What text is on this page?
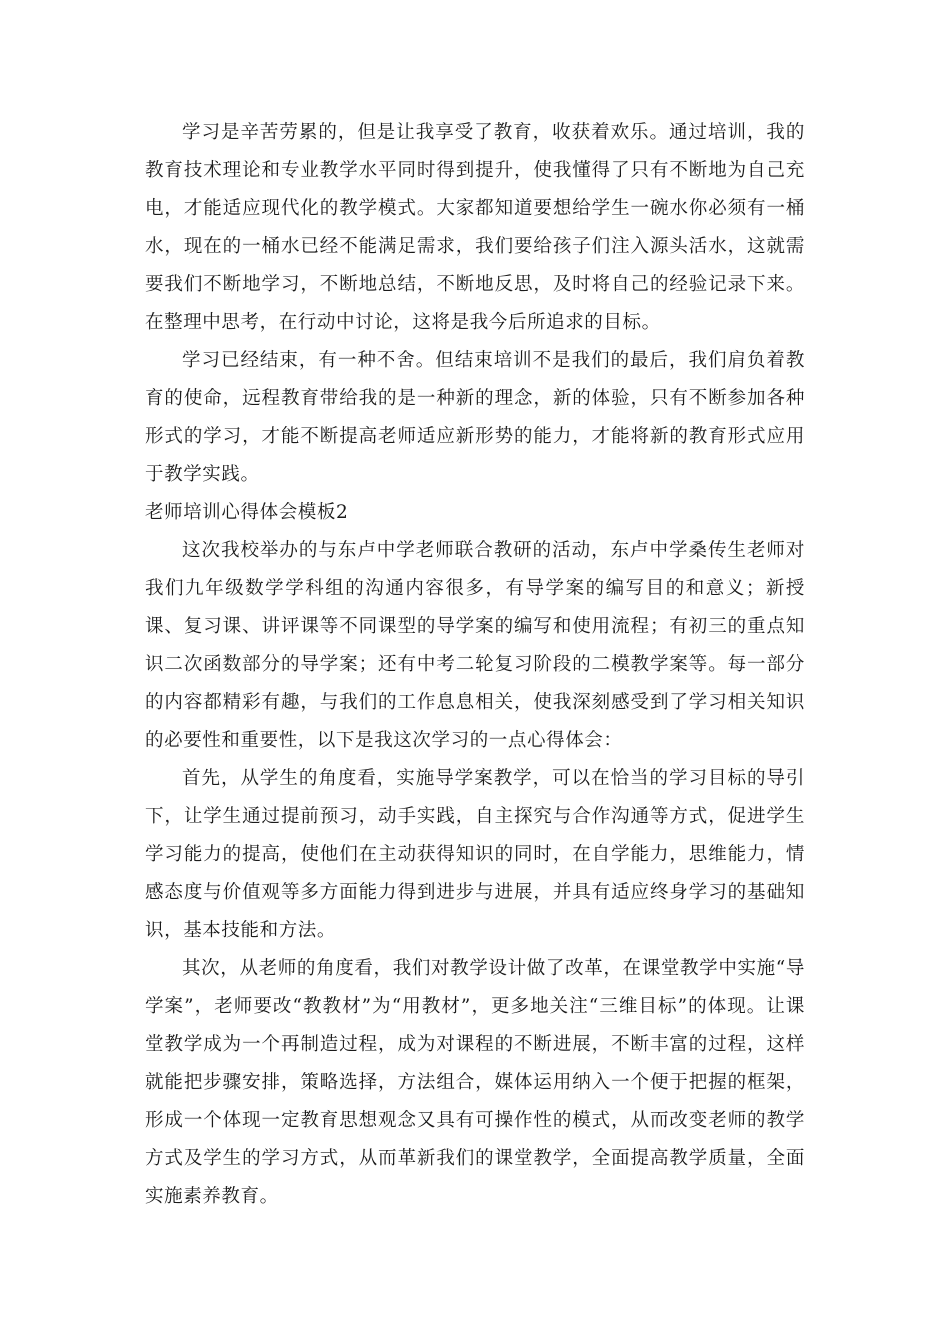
学习是辛苦劳累的，但是让我享受了教育，收获着欢乐。通过培训，我的教育技术理论和专业教学水平同时得到提升，使我懂得了只有不断地为自己充电，才能适应现代化的教学模式。大家都知道要想给学生一碗水你必须有一桶水，现在的一桶水已经不能满足需求，我们要给孩子们注入源头活水，这就需要我们不断地学习，不断地总结，不断地反思，及时将自己的经验记录下来。在整理中思考，在行动中讨论，这将是我今后所追求的目标。

学习已经结束，有一种不舍。但结束培训不是我们的最后，我们肩负着教育的使命，远程教育带给我的是一种新的理念，新的体验，只有不断参加各种形式的学习，才能不断提高老师适应新形势的能力，才能将新的教育形式应用于教学实践。

老师培训心得体会模板2

这次我校举办的与东卢中学老师联合教研的活动，东卢中学桑传生老师对我们九年级数学学科组的沟通内容很多，有导学案的编写目的和意义；新授课、复习课、讲评课等不同课型的导学案的编写和使用流程；有初三的重点知识二次函数部分的导学案；还有中考二轮复习阶段的二模教学案等。每一部分的内容都精彩有趣，与我们的工作息息相关，使我深刻感受到了学习相关知识的必要性和重要性，以下是我这次学习的一点心得体会：

首先，从学生的角度看，实施导学案教学，可以在恰当的学习目标的导引下，让学生通过提前预习，动手实践，自主探究与合作沟通等方式，促进学生学习能力的提高，使他们在主动获得知识的同时，在自学能力，思维能力，情感态度与价值观等多方面能力得到进步与进展，并具有适应终身学习的基础知识，基本技能和方法。

其次，从老师的角度看，我们对教学设计做了改革，在课堂教学中实施“导学案”，老师要改“教教材”为“用教材”，更多地关注“三维目标”的体现。让课堂教学成为一个再制造过程，成为对课程的不断进展，不断丰富的过程，这样就能把步骤安排，策略选择，方法组合，媒体运用纳入一个便于把握的框架，形成一个体现一定教育思想观念又具有可操作性的模式，从而改变老师的教学方式及学生的学习方式，从而革新我们的课堂教学，全面提高教学质量，全面实施素养教育。
